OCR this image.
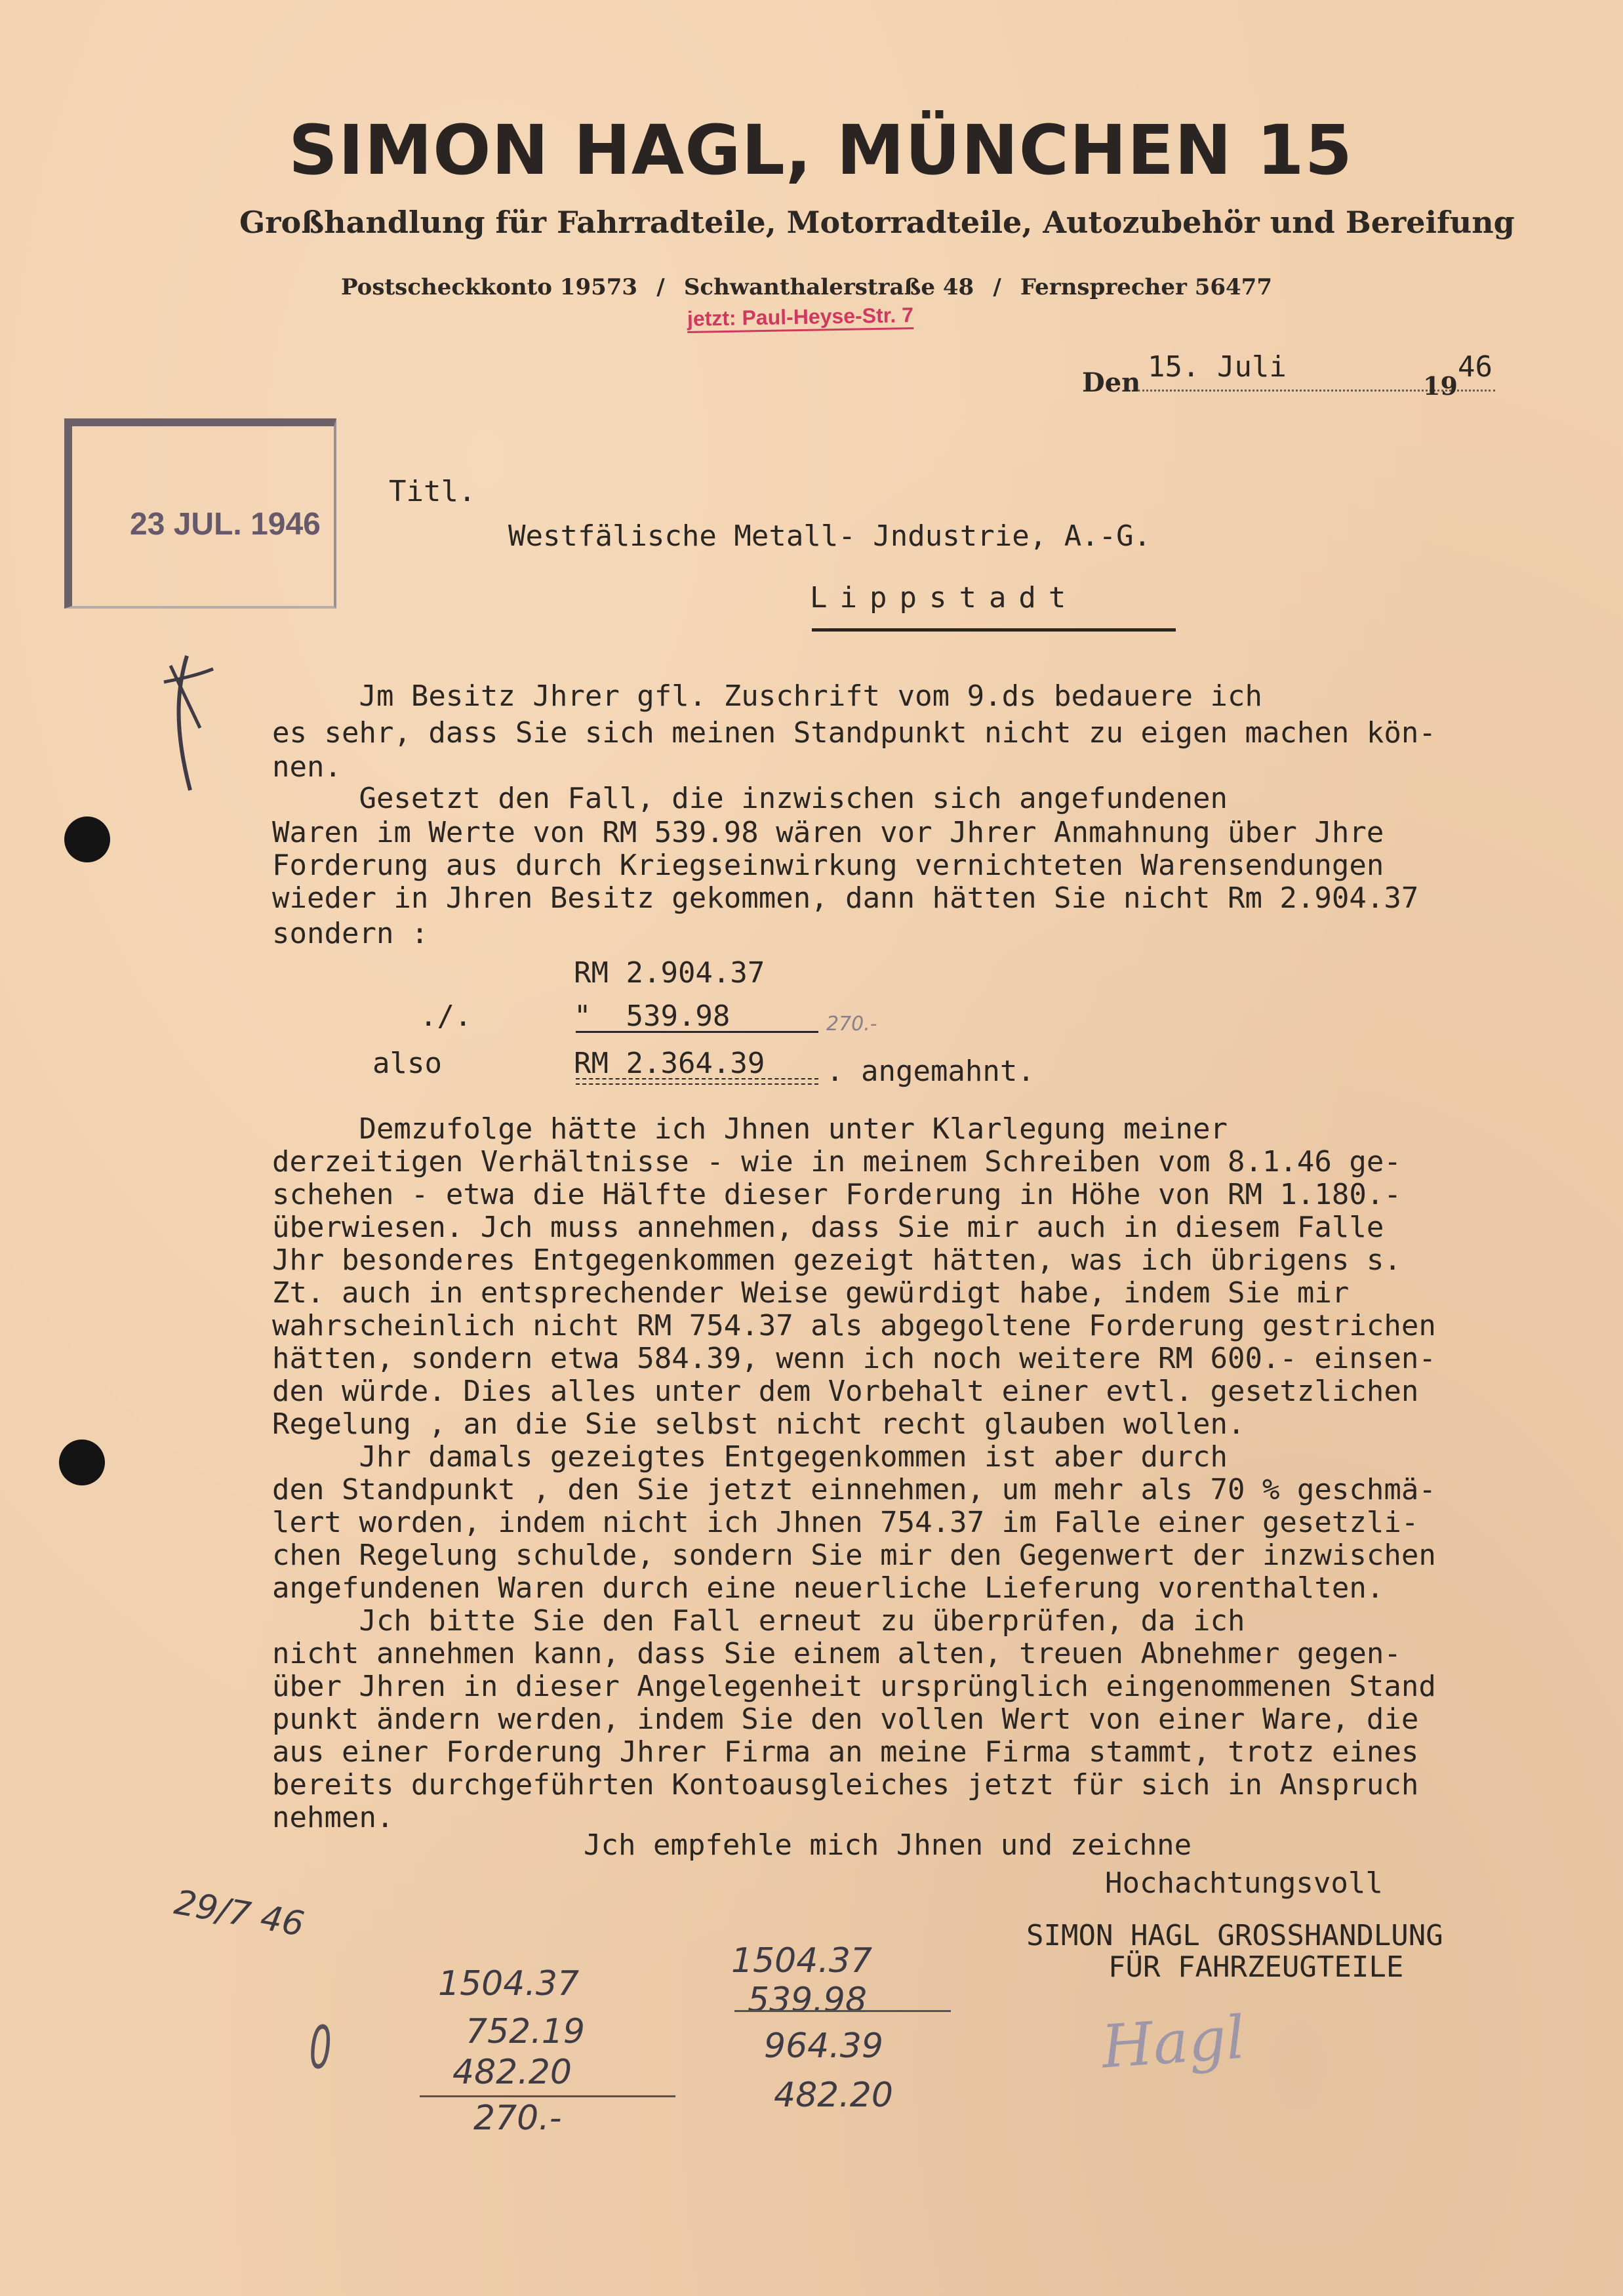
SIMON HAGL, MÜNCHEN 15
Großhandlung für Fahrradteile, Motorradteile, Autozubehör und Bereifung
Postscheckkonto 19573 / Schwanthalerstraße 48 / Fernsprecher 56477
jetzt: Paul-Heyse-Str. 7
Den 15. Juli
19
46
23 JUL. 1946
Titl.
Westfälische Metall- Jndustrie, A.-G.
Lippstadt
Jm Besitz Jhrer gfl. Zuschrift vom 9.ds bedauere ich
es sehr, dass Sie sich meinen Standpunkt nicht zu eigen machen kön-
nen.
Gesetzt den Fall, die inzwischen sich angefundenen
Waren im Werte von RM 539.98 wären vor Jhrer Anmahnung über Jhre
Forderung aus durch Kriegseinwirkung vernichteten Warensendungen
wieder in Jhren Besitz gekommen, dann hätten Sie nicht Rm 2.904.37
sondern :
RM 2.904.37
./.	"  539.98	270.-
also	RM 2.364.39 . angemahnt.
Demzufolge hätte ich Jhnen unter Klarlegung meiner
derzeitigen Verhältnisse - wie in meinem Schreiben vom 8.1.46 ge-
schehen - etwa die Hälfte dieser Forderung in Höhe von RM 1.180.-
überwiesen. Jch muss annehmen, dass Sie mir auch in diesem Falle
Jhr besonderes Entgegenkommen gezeigt hätten, was ich übrigens s.
Zt. auch in entsprechender Weise gewürdigt habe, indem Sie mir
wahrscheinlich nicht RM 754.37 als abgegoltene Forderung gestrichen
hätten, sondern etwa 584.39, wenn ich noch weitere RM 600.- einsen-
den würde. Dies alles unter dem Vorbehalt einer evtl. gesetzlichen
Regelung , an die Sie selbst nicht recht glauben wollen.
Jhr damals gezeigtes Entgegenkommen ist aber durch
den Standpunkt , den Sie jetzt einnehmen, um mehr als 70 % geschmä-
lert worden, indem nicht ich Jhnen 754.37 im Falle einer gesetzli-
chen Regelung schulde, sondern Sie mir den Gegenwert der inzwischen
angefundenen Waren durch eine neuerliche Lieferung vorenthalten.
Jch bitte Sie den Fall erneut zu überprüfen, da ich
nicht annehmen kann, dass Sie einem alten, treuen Abnehmer gegen-
über Jhren in dieser Angelegenheit ursprünglich eingenommenen Stand
punkt ändern werden, indem Sie den vollen Wert von einer Ware, die
aus einer Forderung Jhrer Firma an meine Firma stammt, trotz eines
bereits durchgeführten Kontoausgleiches jetzt für sich in Anspruch
nehmen.
Jch empfehle mich Jhnen und zeichne
Hochachtungsvoll
SIMON HAGL GROSSHANDLUNG
FÜR FAHRZEUGTEILE
Hagl
29/7 46
0
1504.37
752.19
482.20
270.-
1504.37
539.98
964.39
482.20
